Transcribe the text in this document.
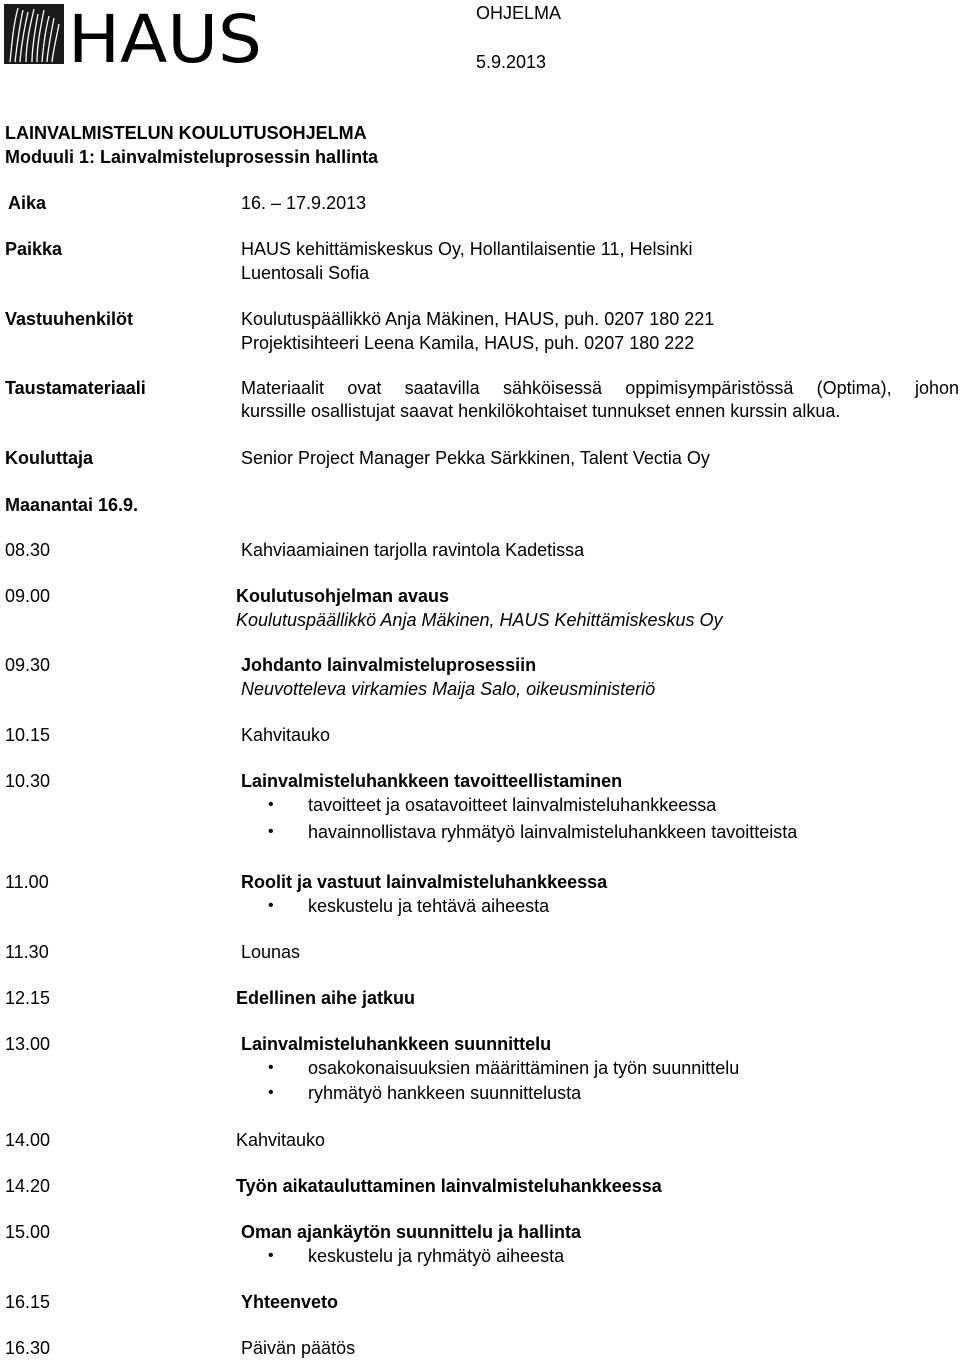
HAUS	OHJELMA
5.9.2013
LAINVALMISTELUN KOULUTUSOHJELMA
Moduuli 1: Lainvalmisteluprosessin hallinta
Aika	16. – 17.9.2013
Paikka	HAUS kehittämiskeskus Oy, Hollantilaisentie 11, Helsinki
Luentosali Sofia
Vastuuhenkilöt	Koulutuspäällikkö Anja Mäkinen, HAUS, puh. 0207 180 221
Projektisihteeri Leena Kamila, HAUS, puh. 0207 180 222
Taustamateriaali	Materiaalit ovat saatavilla sähköisessä oppimisympäristössä (Optima), johon
kurssille osallistujat saavat henkilökohtaiset tunnukset ennen kurssin alkua.
Kouluttaja	Senior Project Manager Pekka Särkkinen, Talent Vectia Oy
Maanantai 16.9.
08.30	Kahviaamiainen tarjolla ravintola Kadetissa
09.00	Koulutusohjelman avaus
Koulutuspäällikkö Anja Mäkinen, HAUS Kehittämiskeskus Oy
09.30	Johdanto lainvalmisteluprosessiin
Neuvotteleva virkamies Maija Salo, oikeusministeriö
10.15	Kahvitauko
10.30	Lainvalmisteluhankkeen tavoitteellistaminen
• tavoitteet ja osatavoitteet lainvalmisteluhankkeessa
• havainnollistava ryhmätyö lainvalmisteluhankkeen tavoitteista
11.00	Roolit ja vastuut lainvalmisteluhankkeessa
• keskustelu ja tehtävä aiheesta
11.30	Lounas
12.15	Edellinen aihe jatkuu
13.00	Lainvalmisteluhankkeen suunnittelu
• osakokonaisuuksien määrittäminen ja työn suunnittelu
• ryhmätyö hankkeen suunnittelusta
14.00	Kahvitauko
14.20	Työn aikatauluttaminen lainvalmisteluhankkeessa
15.00	Oman ajankäytön suunnittelu ja hallinta
• keskustelu ja ryhmätyö aiheesta
16.15	Yhteenveto
16.30	Päivän päätös
